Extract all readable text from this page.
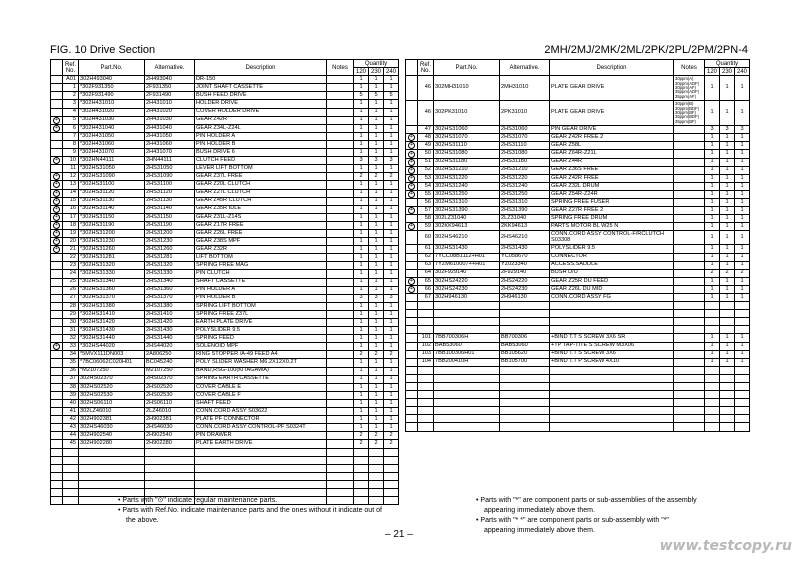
FIG. 10 Drive Section	2MH/2MJ/2MK/2ML/2PK/2PL/2PM/2PN-4
	Ref. No.	Part.No.	Alternative.	Description	Notes	Quantity		
						120	230	240
	A01	302H493040	2H493040	DR-150		1	1	1
	1	*302F931350	2F931350	JOINT SHAFT CASSETTE		1	1	1
	2	*302F931490	2F931490	BUSH FEED DRIVE		5	5	5
	3	*302H431010	2H431010	HOLDER DRIVE		1	1	1
	4	*302H431020	2H431020	COVER HOLDER DRIVE		1	1	1
+	5	*302H431030	2H431030	GEAR Z42R		1	1	1
+	6	*302H431040	2H431040	GEAR Z34L-Z24L		1	1	1
	7	*302H431050	2H431050	PIN HOLDER A		1	1	1
	8	*302H431060	2H431060	PIN HOLDER B		1	1	1
	9	*302H431070	2H431070	BUSH DRIVE 6		1	1	1
+	10	*302HN44111	2HN44111	CLUTCH FEED		3	3	3
	11	*302HS31050	2HS31050	LEVER LIFT BOTTOM		1	1	1
+	12	*302HS31090	2HS31090	GEAR Z37L FREE		2	2	2
+	13	*302HS31100	2HS31100	GEAR Z20L CLUTCH		1	1	1
+	14	*302HS31120	2HS31120	GEAR Z27L CLUTCH		1	1	1
+	15	*302HS31130	2HS31130	GEAR Z45R CLUTCH		1	1	1
+	16	*302HS31140	2HS31140	GEAR Z35R IDLE		1	1	1
+	17	*302HS31150	2HS31150	GEAR Z31L-Z14S		1	1	1
+	18	*302HS31190	2HS31190	GEAR Z17R FREE		1	1	1
+	19	*302HS31200	2HS31200	GEAR Z26L FREE		1	1	1
+	20	*302HS31230	2HS31230	GEAR Z38S MPF		1	1	1
+	21	*302HS31260	2HS31260	GEAR Z32R		1	1	1
	22	*302HS31281	2HS31281	LIFT BOTTOM		1	1	1
	23	*302HS31320	2HS31320	SPRING FREE MAG		1	1	1
	24	*302HS31330	2HS31330	PIN CLUTCH		1	1	1
	25	*302HS31340	2HS31340	SHAFT CASSETTE		1	1	1
	26	*302HS31360	2HS31360	PIN HOLDER A		1	1	1
	27	*302HS31370	2HS31370	PIN HOLDER B		3	3	3
	28	*302HS31380	2HS31380	SPRING LIFT BOTTOM		1	1	1
	29	*302HS31410	2HS31410	SPRING FREE Z37L		1	1	1
	30	*302HS31420	2HS31420	EARTH PLATE DRIVE		1	1	1
	31	*302HS31430	2HS31430	POLYSLIDER 9.5		1	1	1
	32	*302HS31440	2HS31440	SPRING FEED		1	1	1
+	33	*302HS44020	2HS44020	SOLENOID MPF		1	1	1
	34	*5MVX111DN003	2A806250	RING STOPPER /A-49 FEED A4		2	2	2
	35	*7BC06062C020H01	BC045240	POLY SLIDER WASHER M6.2X12X0.2T		1	1	1
	36	*M2107250	M2107250	BAND,RSG-100(KITAGAWA)		1	1	1
	37	302HS02370	2HS02370	SPRING EARTH CASSETTE		1	1	1
	38	302HS02520	2HS02520	COVER CABLE E		1	1	1
	39	302HS02530	2HS02530	COVER CABLE F		1	1	1
	40	302HS06110	2HS06110	SHAFT FEED		1	1	1
	41	302LZ46010	2LZ46010	CONN.CORD ASSY S03622		1	1	1
	42	302H902381	2H902381	PLATE PF CONNECTOR		1	1	1
	43	302HS46030	2HS46030	CONN.CORD ASSY CONTROL-PF S0324T		1	1	1
	44	302H902540	2H902540	PIN DRAWER		2	2	2
	45	302H902280	2H902280	PLATE EARTH DRIVE		2	2	2

	Ref. No.	Part.No.	Alternative.	Description	Notes	Quantity		
						120	230	240
	46	302MH31010	2MH31010	PLATE GEAR DRIVE	30ppm(A)
30ppm(ADF)
30ppm(AF)
35ppm(ADF)
35ppm(AF)	1	1	1
	46	302PK31010	2PK31010	PLATE GEAR DRIVE	30ppm(B)
30ppm(BDF)
30ppm(BF)
35ppm(BDF)
35ppm(BF)	1	1	1
	47	302HS31060	2HS31060	PIN GEAR DRIVE		3	3	3
+	48	302HS31070	2HS31070	GEAR Z42R FREE 2		1	1	1
+	49	302HS31110	2HS31110	GEAR Z58L		1	1	1
+	50	302HS31080	2HS31080	GEAR Z64R-Z21L		1	1	1
+	51	302HS31180	2HS31180	GEAR Z44R		1	1	1
+	52	302HS31210	2HS31210	GEAR Z36S FREE		1	1	1
+	53	302HS31220	2HS31220	GEAR Z42R FREE		1	1	1
+	54	302HS31240	2HS31240	GEAR Z32L DRUM		1	1	1
+	55	302HS31250	2HS31250	GEAR Z54R-Z24R		1	1	1
	56	302HS31310	2HS31310	SPRING FREE FUSER		1	1	1
+	57	302HS31390	2HS31390	GEAR Z27R FREE 2		1	1	1
	58	302LZ31040	2LZ31040	SPRING FREE DRUM		1	1	1
+	59	302KK94613	2KK94613	PARTS MOTOR BL W25 N		1	1	1
	60	302HS46210	2HS46210	CONN.CORD ASSY CONTROL-F/RCLUTCH S03308		1	1	1
	61	302HS31430	2HS31430	POLYSLIDER 9.5		1	1	1
	62	7YCC08B1112+H01	YC058670	CONNECTOR		1	1	1
	63	7YZM610007++H01	YZ023340	ACCESS.SADDLE		1	1	1
	64	302F929140	2F929140	BUSH D/U		2	2	2
+	65	302HS24220	2HS24220	GEAR Z25R DU FEED		1	1	1
+	66	302HS24230	2HS24230	GEAR Z26L DU MID		1	1	1
	67	302H946130	2H946130	CONN.CORD ASSY FG		1	1	1

	101	7BB700306H	BB700306	+BIND T.T S SCREW 3X6 SR		1	1	1
	102	BAB53060	BAB53060	+TP TAP-TITE S SCREW M3X06		1	1	1
	103	7BB100306H01	BB105620	+BIND T.T S SCREW 3X6		1	1	1
	104	7BB200410H	BB105700	+BIND T.T P SCREW 4X10		1	1	1

• Parts with "⊙" indicate regular maintenance parts.

• Parts with Ref.No. indicate maintenance parts and the ones without it indicate out of the above.

• Parts with "*" are component parts or sub-assemblies of the assembly appearing immediately above them.

• Parts with "* *" are component parts or sub-assembly with "*" appearing immediately above them.

– 21 –
www.testcopy.ru
